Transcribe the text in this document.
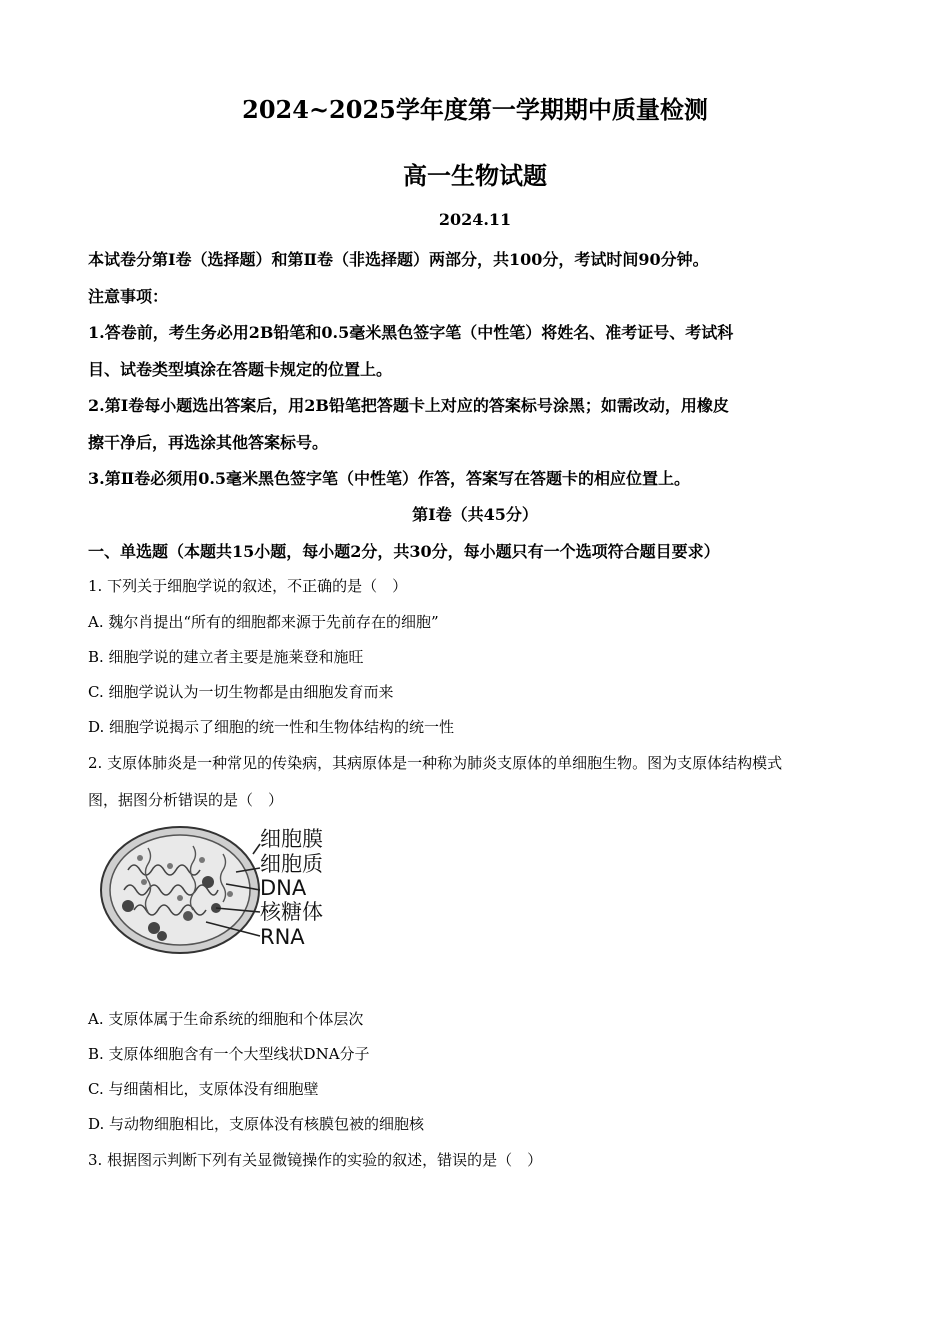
2024~2025学年度第一学期期中质量检测
高一生物试题
2024.11
本试卷分第Ⅰ卷（选择题）和第Ⅱ卷（非选择题）两部分，共100分，考试时间90分钟。
注意事项：
1.答卷前，考生务必用2B铅笔和0.5毫米黑色签字笔（中性笔）将姓名、准考证号、考试科
目、试卷类型填涂在答题卡规定的位置上。
2.第Ⅰ卷每小题选出答案后，用2B铅笔把答题卡上对应的答案标号涂黑；如需改动，用橡皮
擦干净后，再选涂其他答案标号。
3.第Ⅱ卷必须用0.5毫米黑色签字笔（中性笔）作答，答案写在答题卡的相应位置上。
第Ⅰ卷（共45分）
一、单选题（本题共15小题，每小题2分，共30分，每小题只有一个选项符合题目要求）
1. 下列关于细胞学说的叙述，不正确的是（　）
A. 魏尔肖提出“所有的细胞都来源于先前存在的细胞”
B. 细胞学说的建立者主要是施莱登和施旺
C. 细胞学说认为一切生物都是由细胞发育而来
D. 细胞学说揭示了细胞的统一性和生物体结构的统一性
2. 支原体肺炎是一种常见的传染病，其病原体是一种称为肺炎支原体的单细胞生物。图为支原体结构模式
图，据图分析错误的是（　）
细胞膜
细胞质
DNA
核糖体
RNA
A. 支原体属于生命系统的细胞和个体层次
B. 支原体细胞含有一个大型线状DNA分子
C. 与细菌相比，支原体没有细胞壁
D. 与动物细胞相比，支原体没有核膜包被的细胞核
3. 根据图示判断下列有关显微镜操作的实验的叙述，错误的是（　）
